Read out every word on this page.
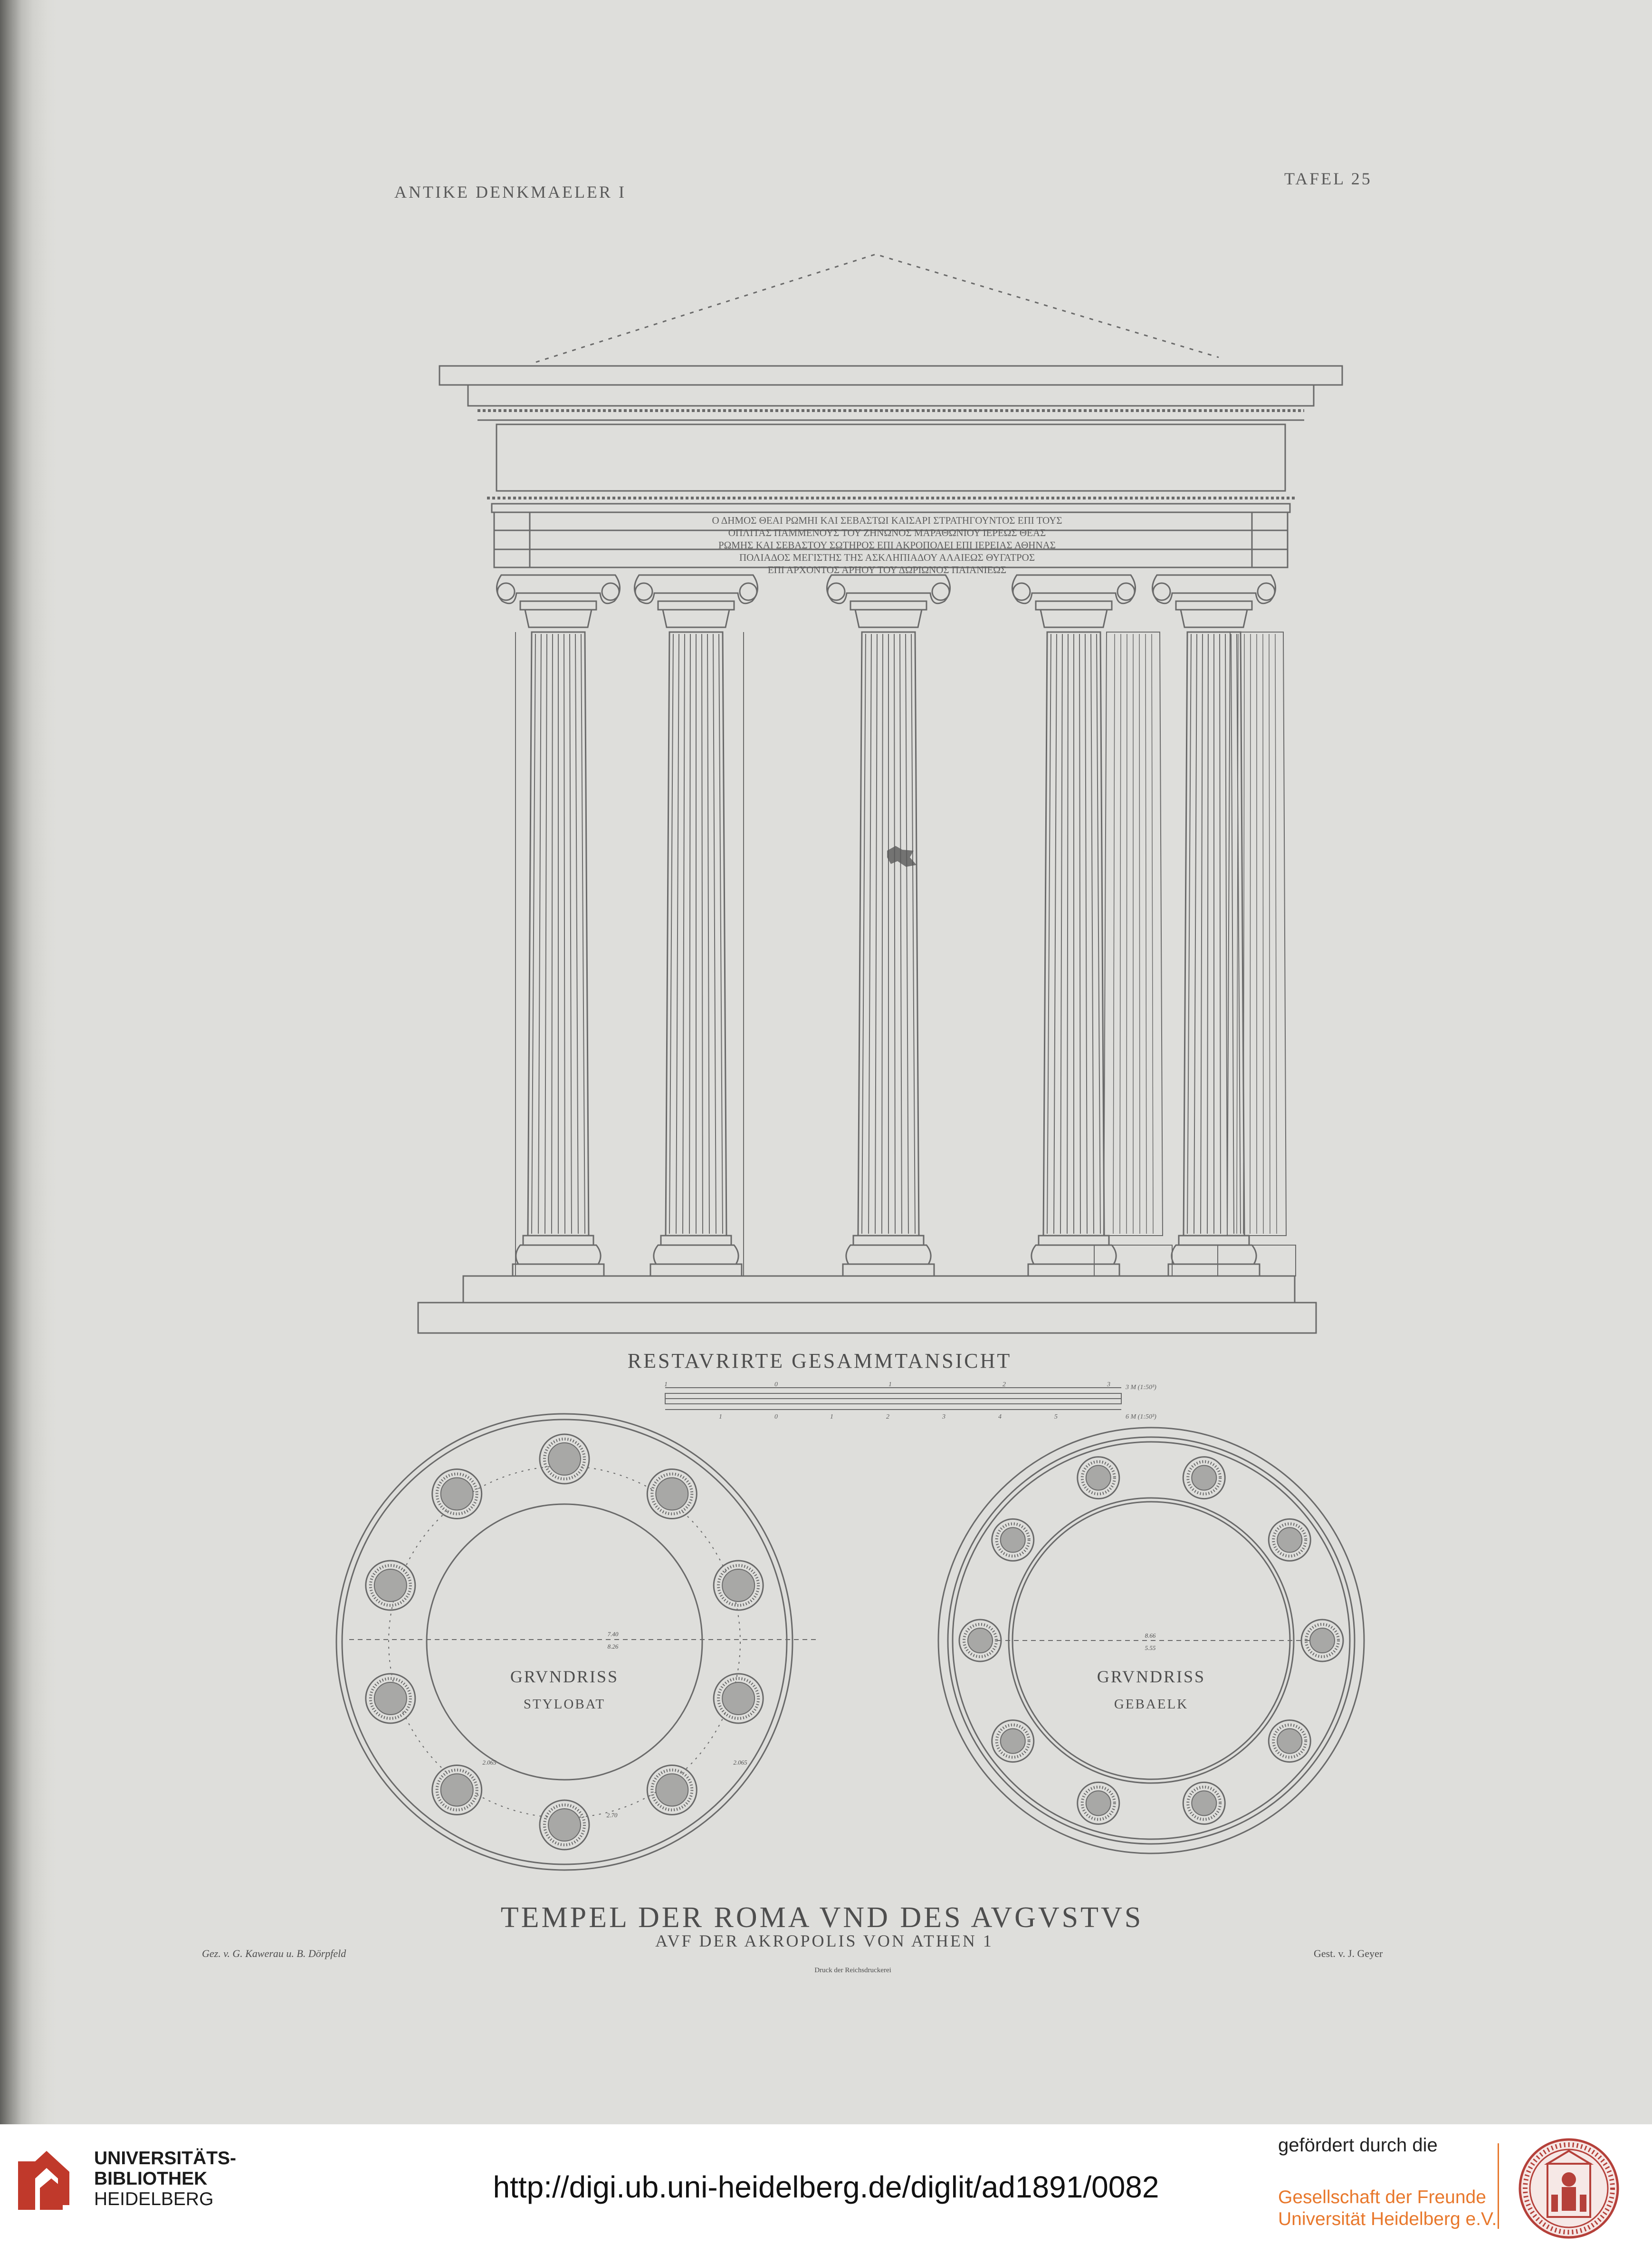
ANTIKE DENKMAELER I
TAFEL 25
RESTAVRIRTE GESAMMTANSICHT
TEMPEL DER ROMA VND DES AVGVSTVS
AVF DER AKROPOLIS VON ATHEN 1
Gez. v. G. Kawerau u. B. Dörpfeld
Druck der Reichsdruckerei
Gest. v. J. Geyer
Ο ΔΗΜΟΣ ΘΕΑΙ ΡΩΜΗΙ ΚΑΙ ΣΕΒΑΣΤΩΙ ΚΑΙΣΑΡΙ ΣΤΡΑΤΗΓΟΥΝΤΟΣ ΕΠΙ ΤΟΥΣ
ΟΠΛΙΤΑΣ ΠΑΜΜΕΝΟΥΣ ΤΟΥ ΖΗΝΩΝΟΣ ΜΑΡΑΘΩΝΙΟΥ ΙΕΡΕΩΣ ΘΕΑΣ
ΡΩΜΗΣ ΚΑΙ ΣΕΒΑΣΤΟΥ ΣΩΤΗΡΟΣ ΕΠΙ ΑΚΡΟΠΟΛΕΙ ΕΠΙ ΙΕΡΕΙΑΣ ΑΘΗΝΑΣ
ΠΟΛΙΑΔΟΣ ΜΕΓΙΣΤΗΣ ΤΗΣ ΑΣΚΛΗΠΙΑΔΟΥ ΑΛΑΙΕΩΣ ΘΥΓΑΤΡΟΣ
ΕΠΙ ΑΡΧΟΝΤΟΣ ΑΡΗΟΥ ΤΟΥ ΔΩΡΙΩΝΟΣ ΠΑΙΑΝΙΕΩΣ
1	0	1	2	3 3 M (1:50³)
1	0	1	2	3	4	5	6 M (1:50³)
GRVNDRISS
STYLOBAT
7.40
8.26
2.065	2.065
2.70
GRVNDRISS
GEBAELK
8.66
5.55
UNIVERSITÄTS-
BIBLIOTHEK
HEIDELBERG	http://digi.ub.uni-heidelberg.de/diglit/ad1891/0082
gefördert durch die
Gesellschaft der Freunde
Universität Heidelberg e.V.
